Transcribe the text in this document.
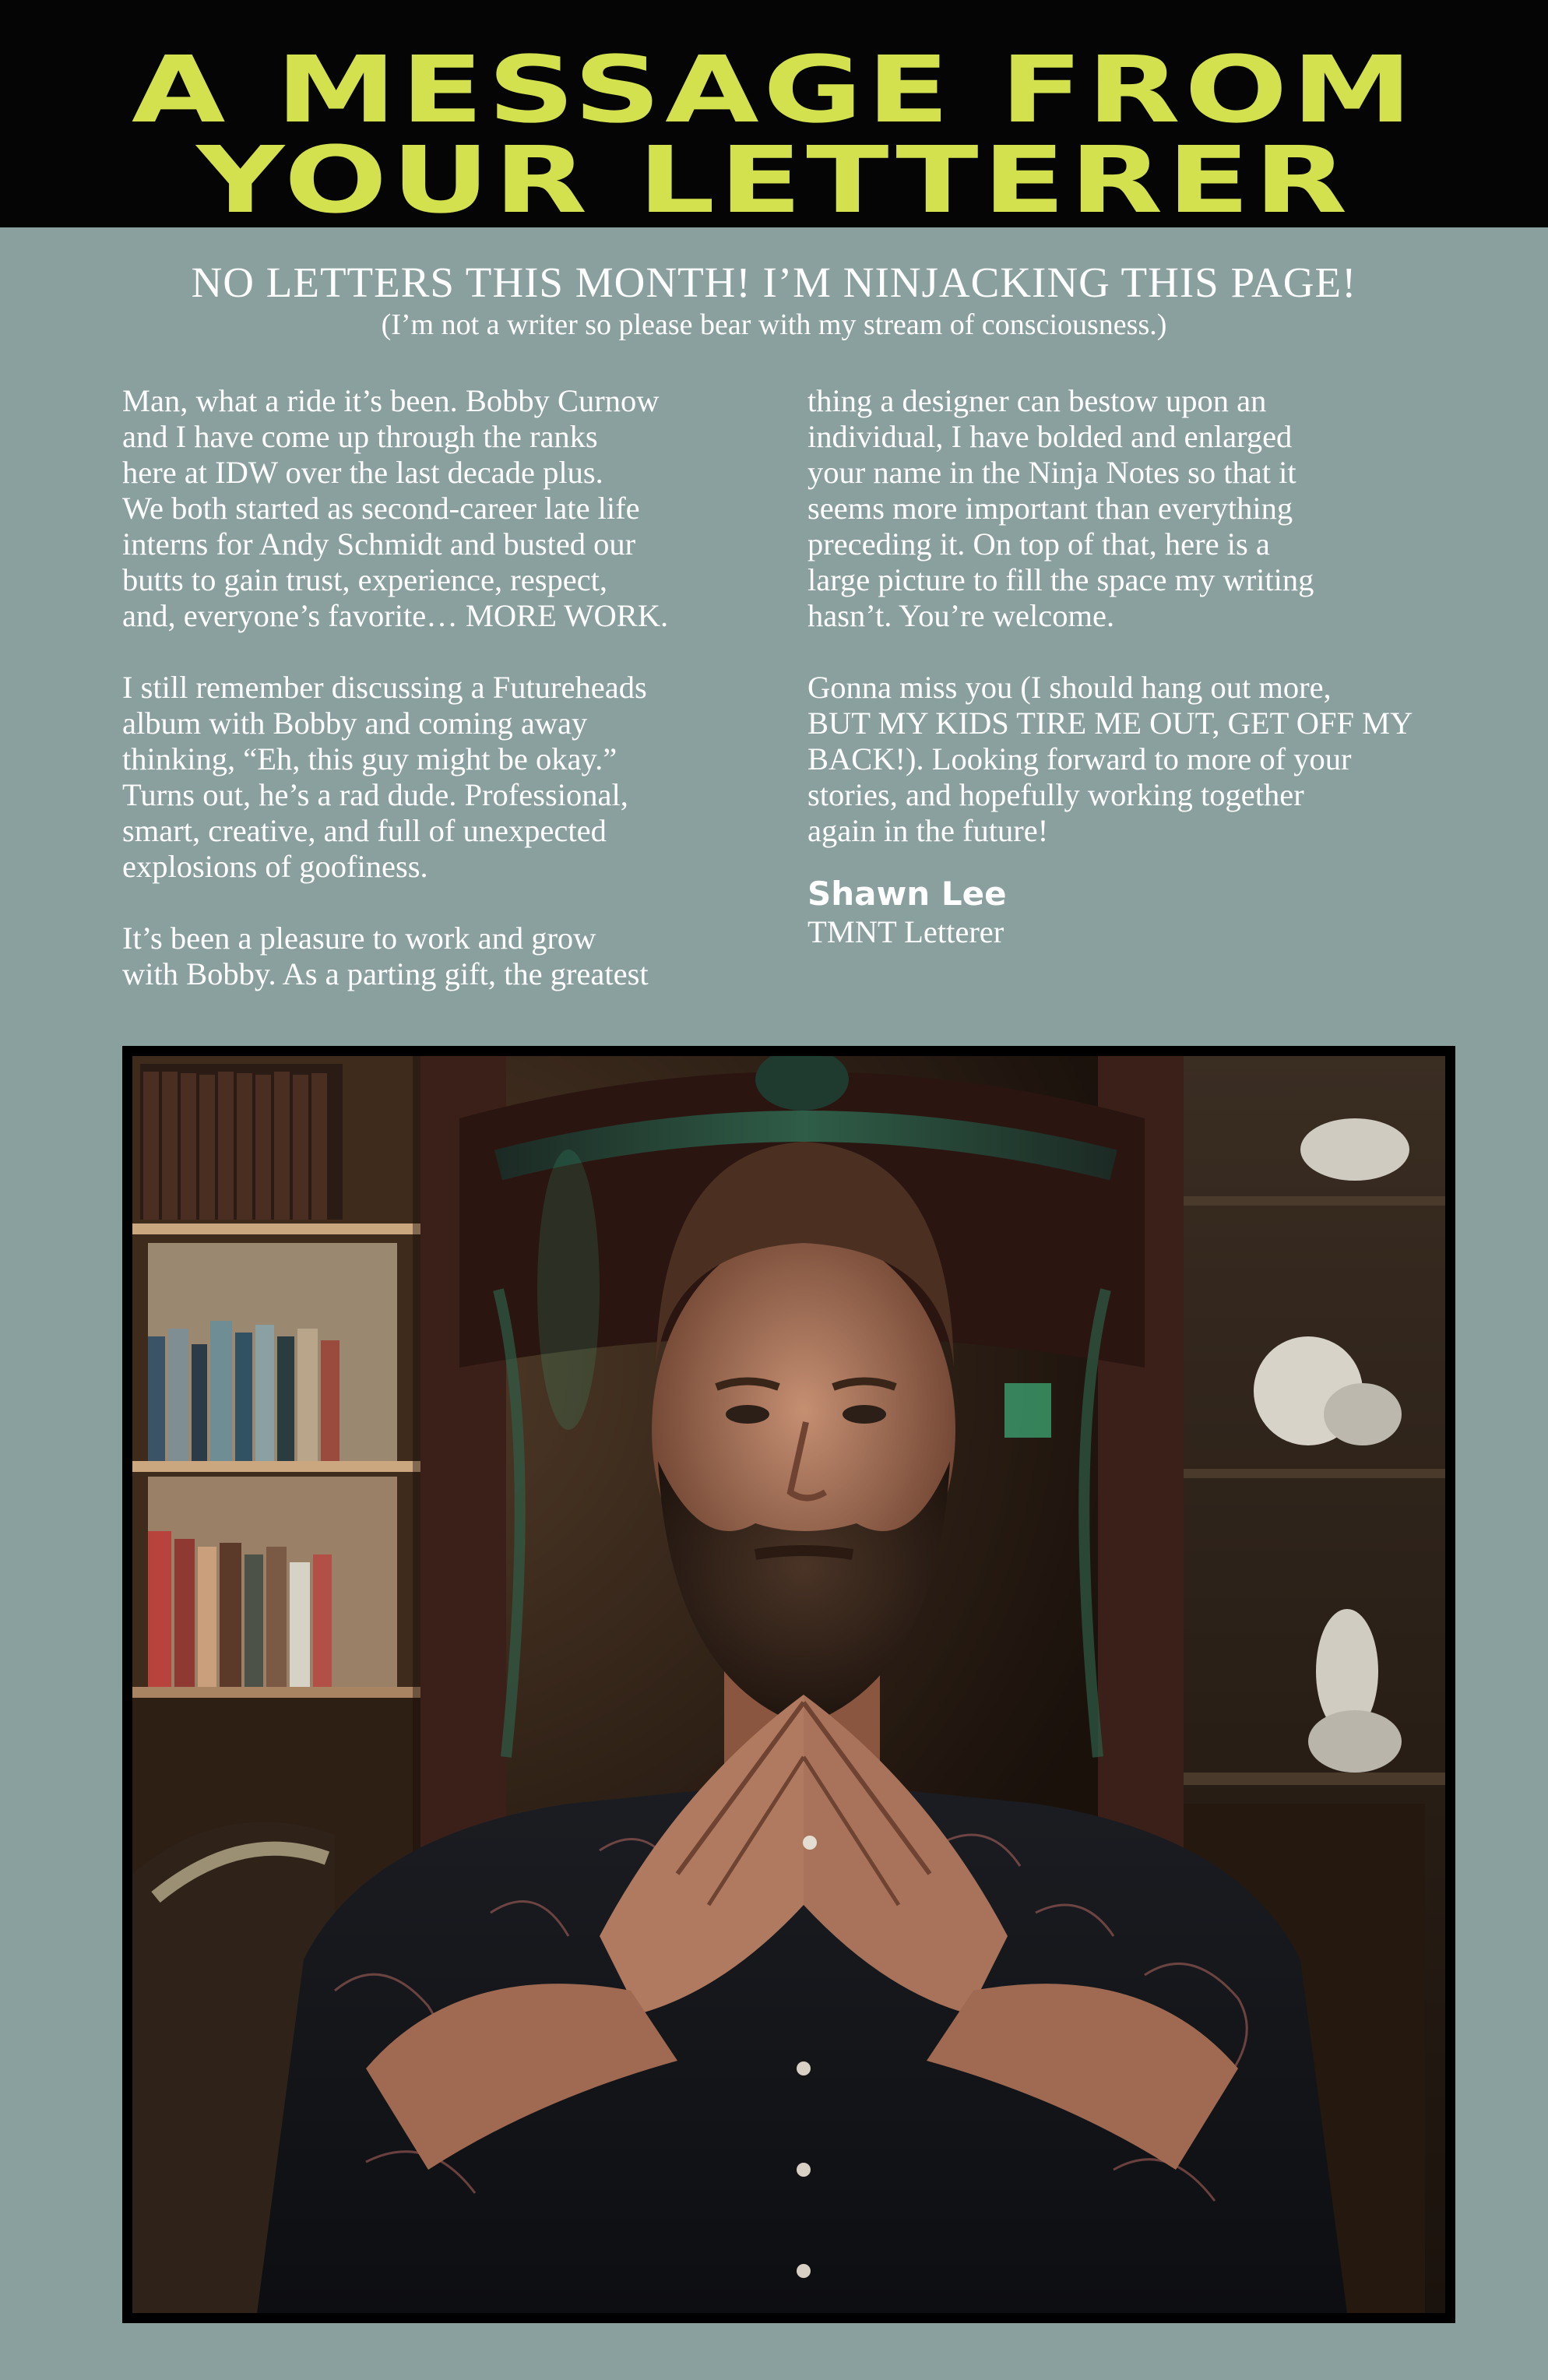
A MESSAGE FROM
YOUR LETTERER
NO LETTERS THIS MONTH! I’M NINJACKING THIS PAGE!
(I’m not a writer so please bear with my stream of consciousness.)
Man, what a ride it’s been. Bobby Curnow
and I have come up through the ranks
here at IDW over the last decade plus.
We both started as second-career late life
interns for Andy Schmidt and busted our
butts to gain trust, experience, respect,
and, everyone’s favorite… MORE WORK.
I still remember discussing a Futureheads
album with Bobby and coming away
thinking, “Eh, this guy might be okay.”
Turns out, he’s a rad dude. Professional,
smart, creative, and full of unexpected
explosions of goofiness.
It’s been a pleasure to work and grow
with Bobby. As a parting gift, the greatest
thing a designer can bestow upon an
individual, I have bolded and enlarged
your name in the Ninja Notes so that it
seems more important than everything
preceding it. On top of that, here is a
large picture to fill the space my writing
hasn’t. You’re welcome.
Gonna miss you (I should hang out more,
BUT MY KIDS TIRE ME OUT, GET OFF MY
BACK!). Looking forward to more of your
stories, and hopefully working together
again in the future!
Shawn Lee
TMNT Letterer
